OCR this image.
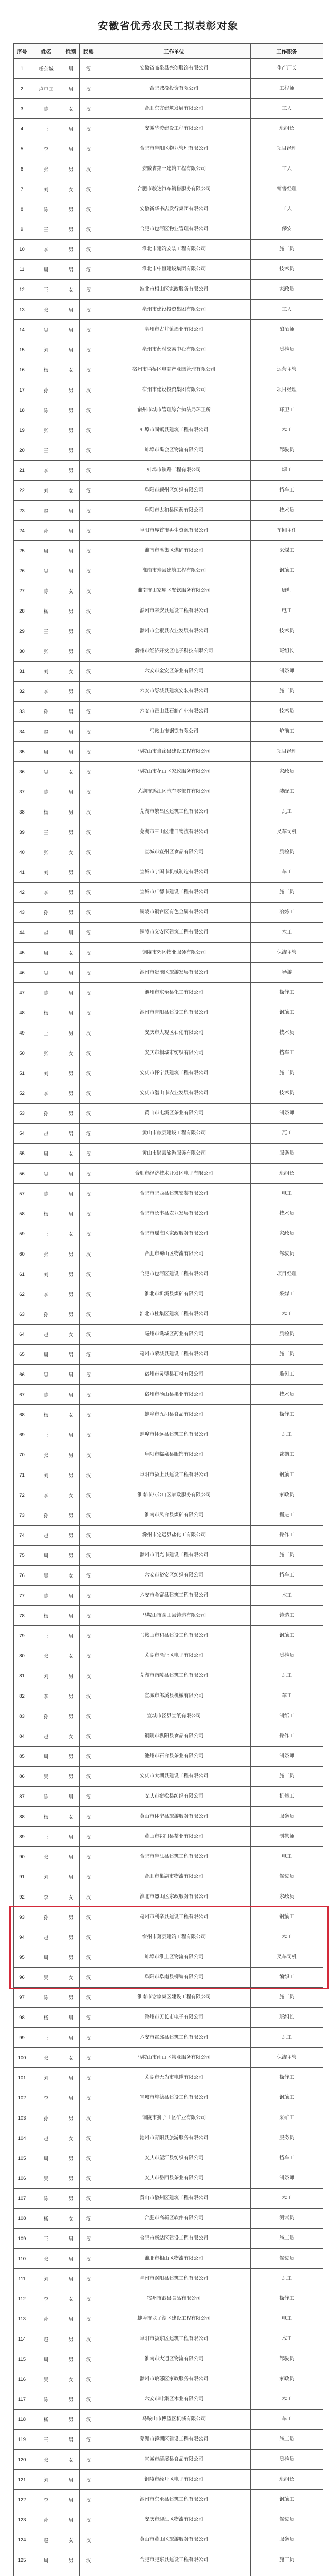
安徽省优秀农民工拟表彰对象
序号	姓名	性别	民族	工作单位	工作职务
1	杨东城	男	汉	安徽省临泉县兴创服饰有限公司	生产厂长
2	卢中国	男	汉	合肥城投投资有限公司	工程师
3	陈	女	汉	合肥东方建筑发展有限公司	工人
4	王	男	汉	安徽华骏建设工程有限公司	班组长
5	李	男	汉	合肥市庐阳区物业管理有限公司	项目经理
6	张	男	汉	安徽省第一建筑工程有限公司	工人
7	刘	女	汉	合肥市骏达汽车销售服务有限公司	销售经理
8	陈	男	汉	安徽新华书店发行集团有限公司	工人
9	王	男	汉	合肥市包河区物业管理有限公司	保安
10	李	男	汉	淮北市建筑安装工程有限公司	施工员
11	周	男	汉	淮北市中恒建设集团有限公司	技术员
12	王	女	汉	淮北市相山区家政服务有限公司	家政员
13	张	男	汉	亳州市建设投资集团有限公司	工人
14	吴	男	汉	亳州市古井镇酒业有限公司	酿酒师
15	刘	男	汉	亳州市药材交易中心有限公司	质检员
16	杨	女	汉	宿州市埇桥区电商产业园管理有限公司	运营主管
17	孙	男	汉	宿州市建设投资集团有限公司	项目经理
18	陈	男	汉	宿州市城市管理综合执法局环卫所	环卫工
19	张	男	汉	蚌埠市固镇县建筑工程有限公司	木工
20	王	男	汉	蚌埠市禹会区物流有限公司	驾驶员
21	李	男	汉	蚌埠市铁路工程有限公司	焊工
22	刘	女	汉	阜阳市颍州区纺织有限公司	挡车工
23	赵	男	汉	阜阳市太和县医药有限公司	技术员
24	孙	男	汉	阜阳市界首市再生资源有限公司	车间主任
25	周	男	汉	淮南市潘集区煤矿有限公司	采煤工
26	吴	男	汉	淮南市寿县建筑工程有限公司	钢筋工
27	陈	女	汉	淮南市田家庵区餐饮服务有限公司	厨师
28	杨	男	汉	滁州市来安县建设工程有限公司	电工
29	王	男	汉	滁州市全椒县农业发展有限公司	技术员
30	张	男	汉	滁州市经济开发区电子科技有限公司	班组长
31	刘	女	汉	六安市金安区茶业有限公司	制茶师
32	李	男	汉	六安市舒城县建筑安装有限公司	施工员
33	孙	男	汉	六安市霍山县石斛产业有限公司	技术员
34	赵	男	汉	马鞍山市钢铁有限公司	炉前工
35	周	男	汉	马鞍山市当涂县建设工程有限公司	项目经理
36	吴	女	汉	马鞍山市花山区家政服务有限公司	家政员
37	陈	男	汉	芜湖市鸠江区汽车零部件有限公司	装配工
38	杨	男	汉	芜湖市繁昌区建筑工程有限公司	瓦工
39	王	男	汉	芜湖市三山区港口物流有限公司	叉车司机
40	张	女	汉	宣城市宣州区食品有限公司	质检员
41	刘	男	汉	宣城市宁国市机械制造有限公司	车工
42	李	男	汉	宣城市广德市建设工程有限公司	施工员
43	孙	男	汉	铜陵市铜官区有色金属有限公司	冶炼工
44	赵	男	汉	铜陵市义安区建筑工程有限公司	木工
45	周	女	汉	铜陵市郊区物业服务有限公司	保洁主管
46	吴	男	汉	池州市贵池区旅游发展有限公司	导游
47	陈	男	汉	池州市东至县化工有限公司	操作工
48	杨	男	汉	池州市青阳县建设工程有限公司	钢筋工
49	王	男	汉	安庆市大观区石化有限公司	技术员
50	张	女	汉	安庆市桐城市纺织有限公司	挡车工
51	刘	男	汉	安庆市怀宁县建筑工程有限公司	施工员
52	李	男	汉	安庆市潜山市农业发展有限公司	技术员
53	孙	男	汉	黄山市屯溪区茶业有限公司	制茶师
54	赵	男	汉	黄山市歙县建设工程有限公司	瓦工
55	周	女	汉	黄山市黟县旅游服务有限公司	服务员
56	吴	男	汉	合肥市经济技术开发区电子有限公司	班组长
57	陈	男	汉	合肥市肥西县建筑安装有限公司	电工
58	杨	男	汉	合肥市长丰县农业发展有限公司	技术员
59	王	女	汉	合肥市瑶海区家政服务有限公司	家政员
60	张	男	汉	合肥市蜀山区物流有限公司	驾驶员
61	刘	男	汉	合肥市包河区建设工程有限公司	项目经理
62	李	男	汉	淮北市濉溪县煤矿有限公司	采煤工
63	孙	男	汉	淮北市杜集区建筑工程有限公司	木工
64	赵	女	汉	亳州市谯城区药业有限公司	质检员
65	周	男	汉	亳州市蒙城县建设工程有限公司	施工员
66	吴	男	汉	宿州市灵璧县石材有限公司	雕刻工
67	陈	男	汉	宿州市砀山县果业有限公司	技术员
68	杨	女	汉	蚌埠市五河县食品有限公司	操作工
69	王	男	汉	蚌埠市怀远县建筑工程有限公司	瓦工
70	张	男	汉	阜阳市临泉县服饰有限公司	裁剪工
71	刘	男	汉	阜阳市颍上县建设工程有限公司	钢筋工
72	李	女	汉	淮南市八公山区家政服务有限公司	家政员
73	孙	男	汉	淮南市凤台县煤矿有限公司	掘进工
74	赵	男	汉	滁州市定远县盐化工有限公司	操作工
75	周	男	汉	滁州市明光市建设工程有限公司	施工员
76	吴	女	汉	六安市裕安区纺织有限公司	挡车工
77	陈	男	汉	六安市金寨县建筑工程有限公司	木工
78	杨	男	汉	马鞍山市含山县铸造有限公司	铸造工
79	王	男	汉	马鞍山市和县建设工程有限公司	钢筋工
80	张	女	汉	芜湖市湾沚区电子有限公司	质检员
81	刘	男	汉	芜湖市南陵县建筑工程有限公司	瓦工
82	李	男	汉	宣城市郎溪县机械有限公司	车工
83	孙	男	汉	宣城市泾县宣纸有限公司	制纸工
84	赵	女	汉	铜陵市枞阳县食品有限公司	操作工
85	周	男	汉	池州市石台县茶业有限公司	制茶师
86	吴	男	汉	安庆市太湖县建设工程有限公司	施工员
87	陈	男	汉	安庆市宿松县纺织有限公司	机修工
88	杨	女	汉	黄山市休宁县旅游服务有限公司	服务员
89	王	男	汉	黄山市祁门县茶业有限公司	制茶师
90	张	男	汉	合肥市庐江县建筑工程有限公司	电工
91	刘	男	汉	合肥市巢湖市物流有限公司	驾驶员
92	李	女	汉	淮北市烈山区家政服务有限公司	家政员
93	孙	男	汉	亳州市利辛县建设工程有限公司	钢筋工
94	赵	男	汉	宿州市萧县建筑工程有限公司	木工
95	周	男	汉	蚌埠市淮上区物流有限公司	叉车司机
96	吴	女	汉	阜阳市阜南县柳编有限公司	编织工
97	陈	男	汉	淮南市谢家集区建设工程有限公司	施工员
98	杨	男	汉	滁州市天长市电子有限公司	班组长
99	王	男	汉	六安市霍邱县建筑工程有限公司	瓦工
100	张	女	汉	马鞍山市雨山区物业服务有限公司	保洁主管
101	刘	男	汉	芜湖市无为市电缆有限公司	操作工
102	李	男	汉	宣城市旌德县建设工程有限公司	钢筋工
103	孙	男	汉	铜陵市狮子山区矿业有限公司	采矿工
104	赵	女	汉	池州市青阳县旅游服务有限公司	服务员
105	周	男	汉	安庆市望江县纺织有限公司	挡车工
106	吴	男	汉	安庆市岳西县茶业有限公司	制茶师
107	陈	男	汉	黄山市徽州区建筑工程有限公司	木工
108	杨	女	汉	合肥市高新区软件有限公司	测试员
109	王	男	汉	合肥市新站区建设工程有限公司	施工员
110	张	男	汉	淮北市相山区物流有限公司	驾驶员
111	刘	男	汉	亳州市涡阳县建筑工程有限公司	瓦工
112	李	女	汉	宿州市泗县食品有限公司	操作工
113	孙	男	汉	蚌埠市龙子湖区建设工程有限公司	电工
114	赵	男	汉	阜阳市颍东区建筑工程有限公司	木工
115	周	男	汉	淮南市大通区物流有限公司	驾驶员
116	吴	女	汉	滁州市琅琊区家政服务有限公司	家政员
117	陈	男	汉	六安市叶集区木业有限公司	木工
118	杨	男	汉	马鞍山市博望区机械有限公司	车工
119	王	男	汉	芜湖市镜湖区建设工程有限公司	施工员
120	张	女	汉	宣城市绩溪县食品有限公司	质检员
121	刘	男	汉	铜陵市经开区电子有限公司	班组长
122	李	男	汉	池州市东至县建筑工程有限公司	钢筋工
123	孙	男	汉	安庆市迎江区物流有限公司	驾驶员
124	赵	女	汉	黄山市黄山区旅游服务有限公司	服务员
125	周	男	汉	合肥市肥东县建设工程有限公司	施工员
